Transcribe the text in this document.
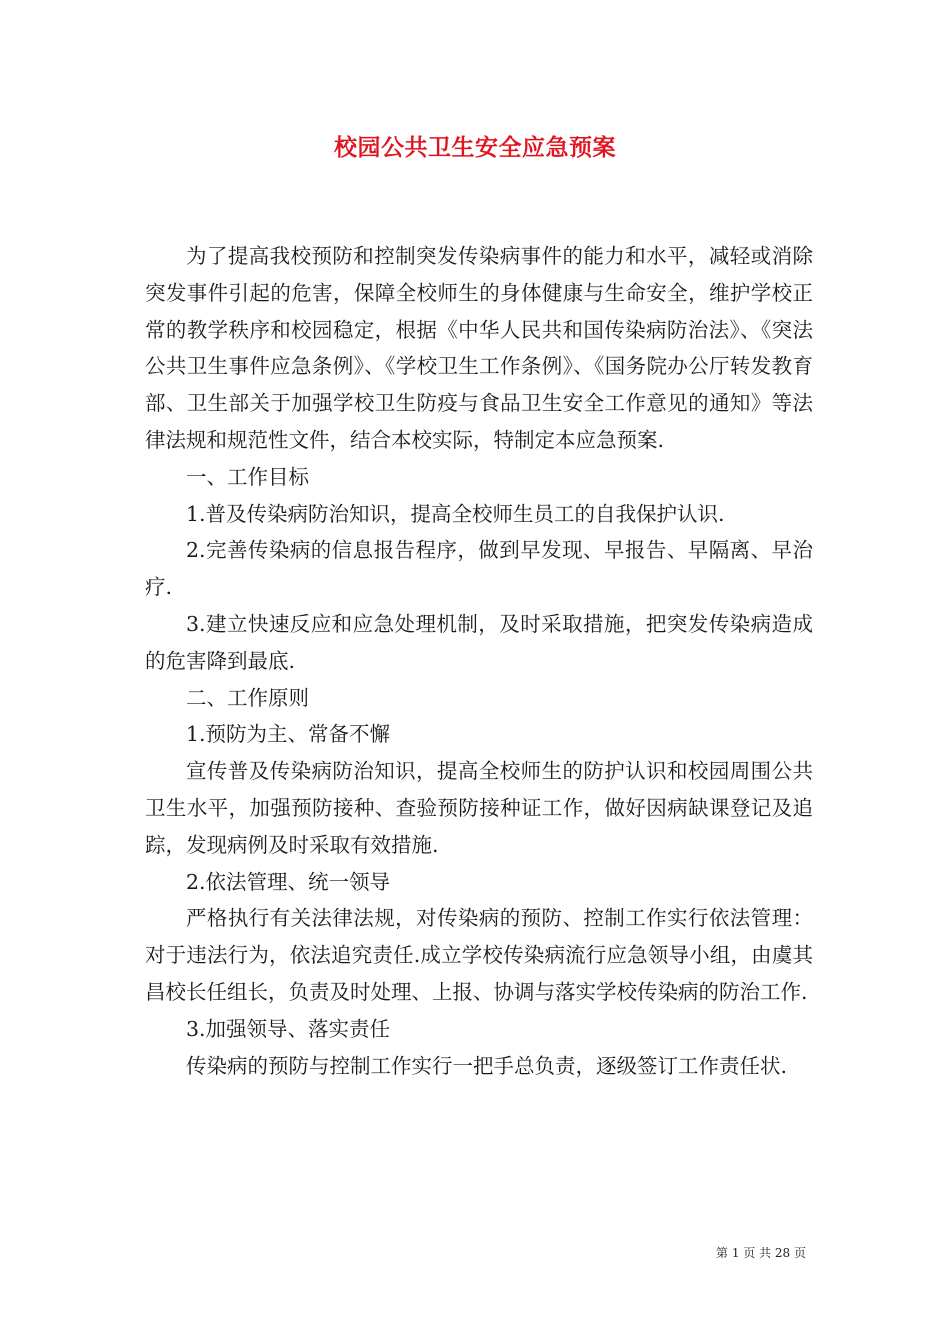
校园公共卫生安全应急预案

为了提高我校预防和控制突发传染病事件的能力和水平，减轻或消除突发事件引起的危害，保障全校师生的身体健康与生命安全，维护学校正常的教学秩序和校园稳定，根据《中华人民共和国传染病防治法》、《突法公共卫生事件应急条例》、《学校卫生工作条例》、《国务院办公厅转发教育部、卫生部关于加强学校卫生防疫与食品卫生安全工作意见的通知》等法律法规和规范性文件，结合本校实际，特制定本应急预案.

一、工作目标

1.普及传染病防治知识，提高全校师生员工的自我保护认识.

2.完善传染病的信息报告程序，做到早发现、早报告、早隔离、早治疗.

3.建立快速反应和应急处理机制，及时采取措施，把突发传染病造成的危害降到最底.

二、工作原则

1.预防为主、常备不懈

宣传普及传染病防治知识，提高全校师生的防护认识和校园周围公共卫生水平，加强预防接种、查验预防接种证工作，做好因病缺课登记及追踪，发现病例及时采取有效措施.

2.依法管理、统一领导

严格执行有关法律法规，对传染病的预防、控制工作实行依法管理：对于违法行为，依法追究责任.成立学校传染病流行应急领导小组，由虞其昌校长任组长，负责及时处理、上报、协调与落实学校传染病的防治工作.

3.加强领导、落实责任

传染病的预防与控制工作实行一把手总负责，逐级签订工作责任状.

第 1 页 共 28 页
